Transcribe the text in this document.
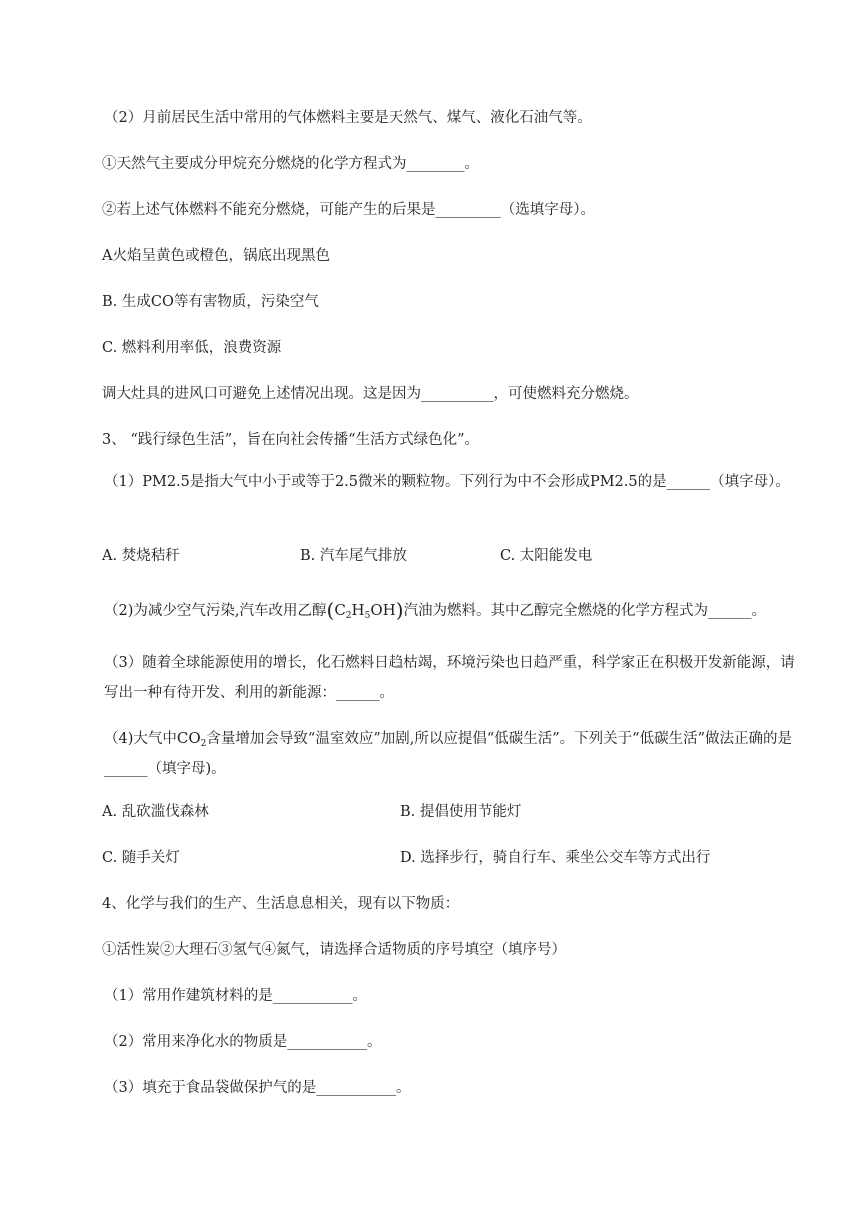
（2）月前居民生活中常用的气体燃料主要是天然气、煤气、液化石油气等。
①天然气主要成分甲烷充分燃烧的化学方程式为________。
②若上述气体燃料不能充分燃烧，可能产生的后果是_________（选填字母）。
A火焰呈黄色或橙色，锅底出现黑色
B. 生成CO等有害物质，污染空气
C. 燃料利用率低，浪费资源
调大灶具的进风口可避免上述情况出现。这是因为__________，可使燃料充分燃烧。
3、 “践行绿色生活”，旨在向社会传播“生活方式绿色化”。
（1）PM2.5是指大气中小于或等于2.5微米的颗粒物。下列行为中不会形成PM2.5的是______（填字母）。
A. 焚烧秸秆	B. 汽车尾气排放	C. 太阳能发电
（2)为减少空气污染,汽车改用乙醇$(C_2H_5OH)$汽油为燃料。其中乙醇完全燃烧的化学方程式为______。
（3）随着全球能源使用的增长，化石燃料日趋枯竭，环境污染也日趋严重，科学家正在积极开发新能源，请写出一种有待开发、利用的新能源：______。
（4)大气中$CO_2$含量增加会导致“温室效应”加剧,所以应提倡“低碳生活”。下列关于“低碳生活”做法正确的是______（填字母)。
A. 乱砍滥伐森林	B. 提倡使用节能灯
C. 随手关灯	D. 选择步行，骑自行车、乘坐公交车等方式出行
4、化学与我们的生产、生活息息相关，现有以下物质：
①活性炭②大理石③氢气④氮气，请选择合适物质的序号填空（填序号）
（1）常用作建筑材料的是___________。
（2）常用来净化水的物质是___________。
（3）填充于食品袋做保护气的是___________。
